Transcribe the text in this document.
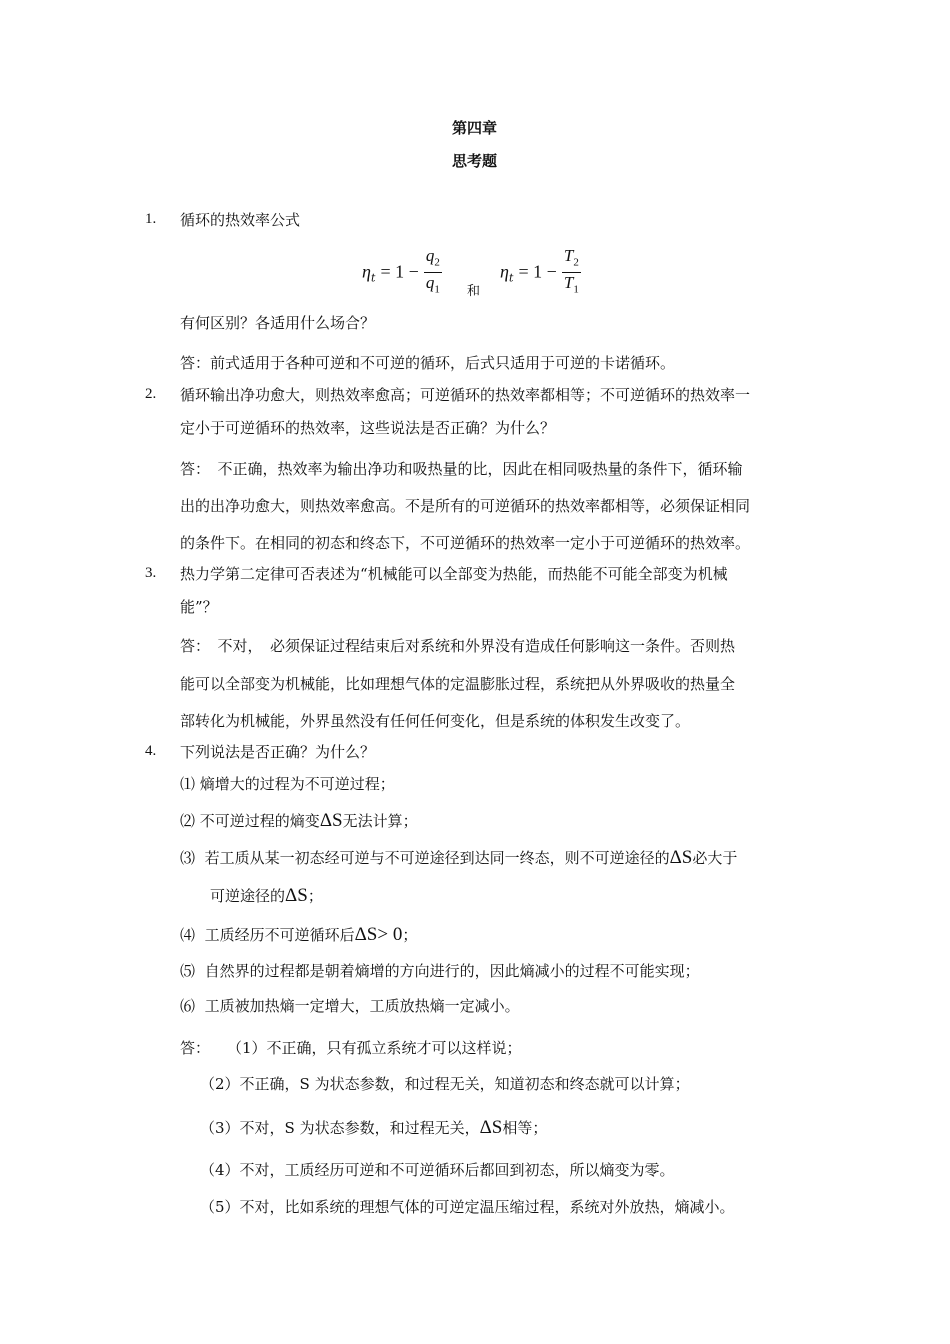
第四章
思考题
1. 循环的热效率公式
$\eta_t = 1 - \frac{q_2}{q_1}$ 和
$\eta_t = 1 - \frac{T_2}{T_1}$
有何区别？各适用什么场合？
答：前式适用于各种可逆和不可逆的循环，后式只适用于可逆的卡诺循环。
2. 循环输出净功愈大，则热效率愈高；可逆循环的热效率都相等；不可逆循环的热效率一
定小于可逆循环的热效率，这些说法是否正确？为什么？
答：　不正确，热效率为输出净功和吸热量的比，因此在相同吸热量的条件下，循环输
出的出净功愈大，则热效率愈高。不是所有的可逆循环的热效率都相等，必须保证相同
的条件下。在相同的初态和终态下，不可逆循环的热效率一定小于可逆循环的热效率。
3. 热力学第二定律可否表述为“机械能可以全部变为热能，而热能不可能全部变为机械
能”？
答：　不对，　必须保证过程结束后对系统和外界没有造成任何影响这一条件。否则热
能可以全部变为机械能，比如理想气体的定温膨胀过程，系统把从外界吸收的热量全
部转化为机械能，外界虽然没有任何任何变化，但是系统的体积发生改变了。
4. 下列说法是否正确？为什么？
⑴ 熵增大的过程为不可逆过程；
⑵ 不可逆过程的熵变ΔS无法计算；
⑶ 若工质从某一初态经可逆与不可逆途径到达同一终态，则不可逆途径的ΔS必大于
可逆途径的ΔS；
⑷ 工质经历不可逆循环后ΔS> 0；
⑸ 自然界的过程都是朝着熵增的方向进行的，因此熵减小的过程不可能实现；
⑹ 工质被加热熵一定增大，工质放热熵一定减小。
答： （1）不正确，只有孤立系统才可以这样说；
（2）不正确，S 为状态参数，和过程无关，知道初态和终态就可以计算；
（3）不对，S 为状态参数，和过程无关，ΔS相等；
（4）不对，工质经历可逆和不可逆循环后都回到初态，所以熵变为零。
（5）不对，比如系统的理想气体的可逆定温压缩过程，系统对外放热，熵减小。
